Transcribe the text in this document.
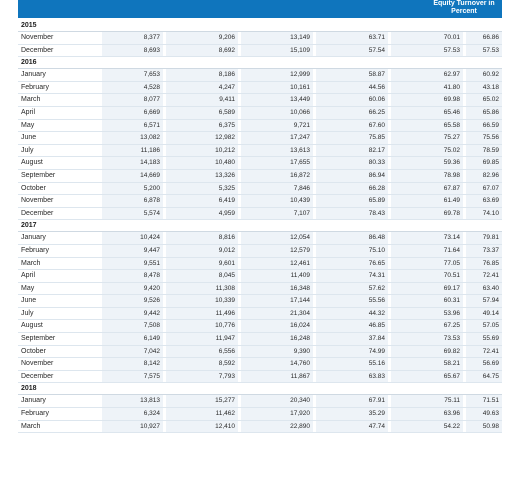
Equity Turnover in Percent
2015
November	8,377	9,206	13,149	63.71	70.01	66.86
December	8,693	8,692	15,109	57.54	57.53	57.53
2016
January	7,653	8,186	12,999	58.87	62.97	60.92
February	4,528	4,247	10,161	44.56	41.80	43.18
March	8,077	9,411	13,449	60.06	69.98	65.02
April	6,669	6,589	10,066	66.25	65.46	65.86
May	6,571	6,375	9,721	67.60	65.58	66.59
June	13,082	12,982	17,247	75.85	75.27	75.56
July	11,186	10,212	13,613	82.17	75.02	78.59
August	14,183	10,480	17,655	80.33	59.36	69.85
September	14,669	13,326	16,872	86.94	78.98	82.96
October	5,200	5,325	7,846	66.28	67.87	67.07
November	6,878	6,419	10,439	65.89	61.49	63.69
December	5,574	4,959	7,107	78.43	69.78	74.10
2017
January	10,424	8,816	12,054	86.48	73.14	79.81
February	9,447	9,012	12,579	75.10	71.64	73.37
March	9,551	9,601	12,461	76.65	77.05	76.85
April	8,478	8,045	11,409	74.31	70.51	72.41
May	9,420	11,308	16,348	57.62	69.17	63.40
June	9,526	10,339	17,144	55.56	60.31	57.94
July	9,442	11,496	21,304	44.32	53.96	49.14
August	7,508	10,776	16,024	46.85	67.25	57.05
September	6,149	11,947	16,248	37.84	73.53	55.69
October	7,042	6,556	9,390	74.99	69.82	72.41
November	8,142	8,592	14,760	55.16	58.21	56.69
December	7,575	7,793	11,867	63.83	65.67	64.75
2018
January	13,813	15,277	20,340	67.91	75.11	71.51
February	6,324	11,462	17,920	35.29	63.96	49.63
March	10,927	12,410	22,890	47.74	54.22	50.98
